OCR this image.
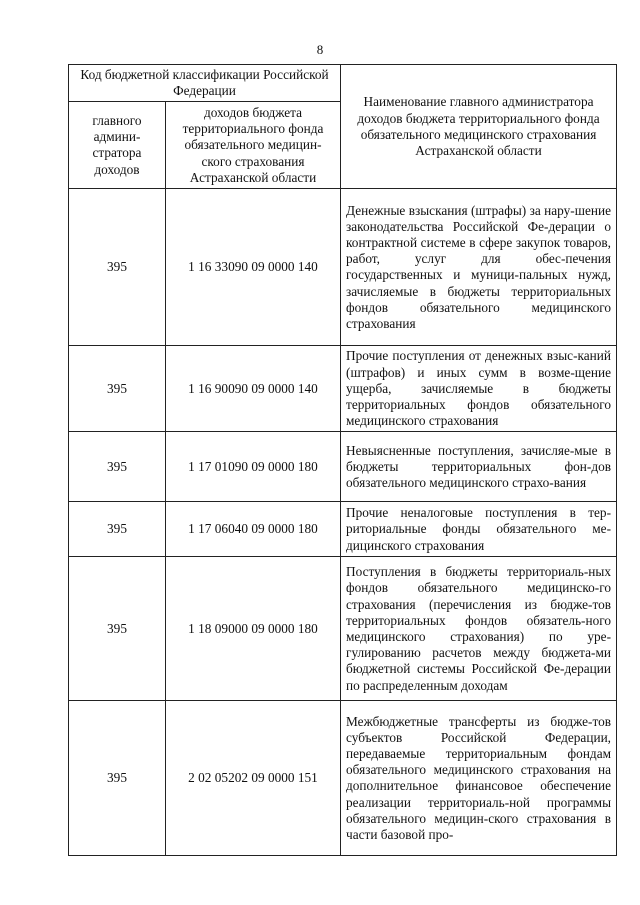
8
Код бюджетной классификации Российской Федерации		Наименование главного администратора доходов бюджета территориального фонда обязательного медицинского страхования Астраханской области
главного админи-стратора доходов	доходов бюджета территориального фонда обязательного медицин-ского страхования Астраханской области	
395	1 16 33090 09 0000 140	Денежные взыскания (штрафы) за нару-шение законодательства Российской Фе-дерации о контрактной системе в сфере закупок товаров, работ, услуг для обес-печения государственных и муници-пальных нужд, зачисляемые в бюджеты территориальных фондов обязательного медицинского страхования
395	1 16 90090 09 0000 140	Прочие поступления от денежных взыс-каний (штрафов) и иных сумм в возме-щение ущерба, зачисляемые в бюджеты территориальных фондов обязательного медицинского страхования
395	1 17 01090 09 0000 180	Невыясненные поступления, зачисляе-мые в бюджеты территориальных фон-дов обязательного медицинского страхо-вания
395	1 17 06040 09 0000 180	Прочие неналоговые поступления в тер-риториальные фонды обязательного ме-дицинского страхования
395	1 18 09000 09 0000 180	Поступления в бюджеты территориаль-ных фондов обязательного медицинско-го страхования (перечисления из бюдже-тов территориальных фондов обязатель-ного медицинского страхования) по уре-гулированию расчетов между бюджета-ми бюджетной системы Российской Фе-дерации по распределенным доходам
395	2 02 05202 09 0000 151	Межбюджетные трансферты из бюдже-тов субъектов Российской Федерации, передаваемые территориальным фондам обязательного медицинского страхования на дополнительное финансовое обеспечение реализации территориаль-ной программы обязательного медицин-ского страхования в части базовой про-
